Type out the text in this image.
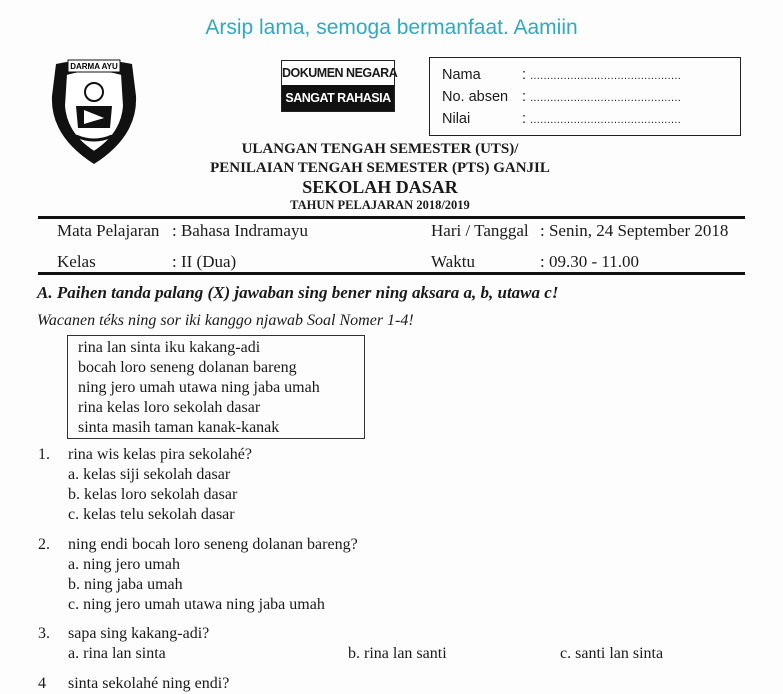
Arsip lama, semoga bermanfaat. Aamiin
DARMA AYU	DOKUMEN NEGARA
SANGAT RAHASIA
Nama	: .............................................
No. absen : .............................................
Nilai	: .............................................
ULANGAN TENGAH SEMESTER (UTS)/
PENILAIAN TENGAH SEMESTER (PTS) GANJIL
SEKOLAH DASAR
TAHUN PELAJARAN 2018/2019
Mata Pelajaran : Bahasa Indramayu	Hari / Tanggal : Senin, 24 September 2018
Kelas	: II (Dua)	Waktu	: 09.30 - 11.00
A. Paihen tanda palang (X) jawaban sing bener ning aksara a, b, utawa c!
Wacanen téks ning sor iki kanggo njawab Soal Nomer 1-4!
rina lan sinta iku kakang-adi
bocah loro seneng dolanan bareng
ning jero umah utawa ning jaba umah
rina kelas loro sekolah dasar
sinta masih taman kanak-kanak
1. rina wis kelas pira sekolahé?
a. kelas siji sekolah dasar
b. kelas loro sekolah dasar
c. kelas telu sekolah dasar
2. ning endi bocah loro seneng dolanan bareng?
a. ning jero umah
b. ning jaba umah
c. ning jero umah utawa ning jaba umah
3. sapa sing kakang-adi?
a. rina lan sinta	b. rina lan santi	c. santi lan sinta
4 sinta sekolahé ning endi?
